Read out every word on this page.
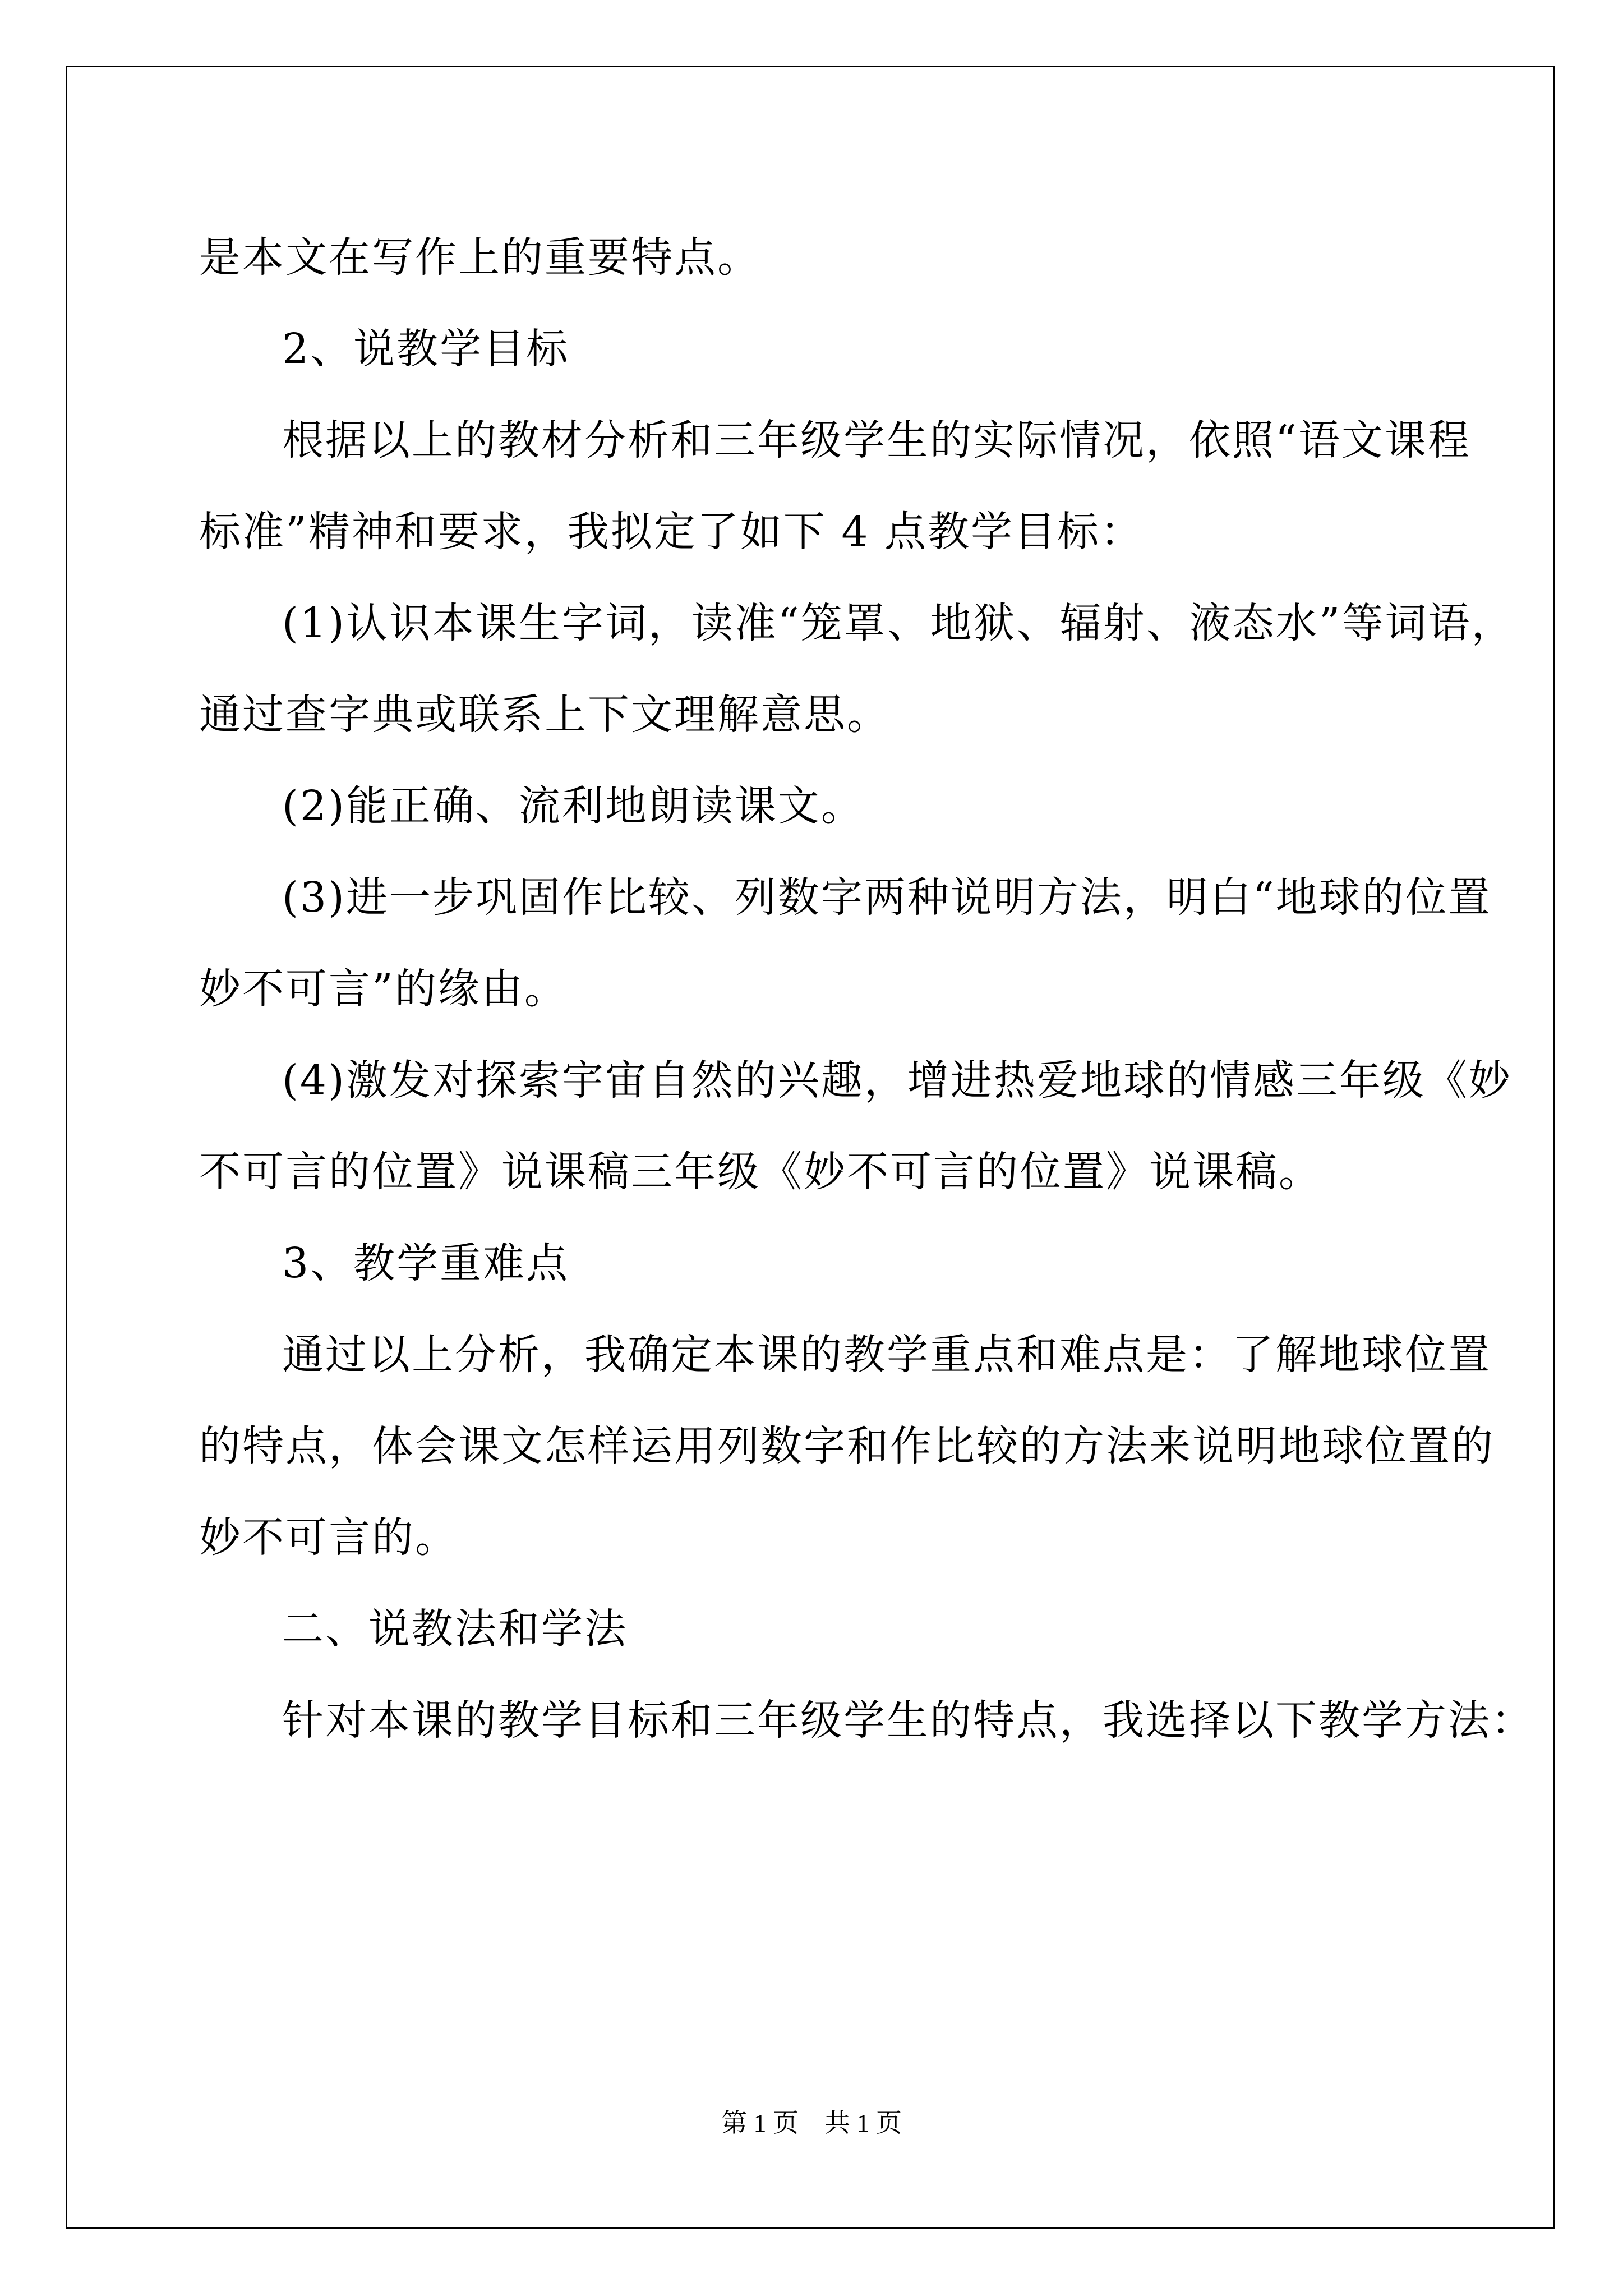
是本文在写作上的重要特点。

2、说教学目标

根据以上的教材分析和三年级学生的实际情况，依照“语文课程

标准”精神和要求，我拟定了如下 4 点教学目标：

(1)认识本课生字词，读准“笼罩、地狱、辐射、液态水”等词语，

通过查字典或联系上下文理解意思。

(2)能正确、流利地朗读课文。

(3)进一步巩固作比较、列数字两种说明方法，明白“地球的位置

妙不可言”的缘由。

(4)激发对探索宇宙自然的兴趣，增进热爱地球的情感三年级《妙

不可言的位置》说课稿三年级《妙不可言的位置》说课稿。

3、教学重难点

通过以上分析，我确定本课的教学重点和难点是：了解地球位置

的特点，体会课文怎样运用列数字和作比较的方法来说明地球位置的

妙不可言的。

二、说教法和学法

针对本课的教学目标和三年级学生的特点，我选择以下教学方法：

第 1 页　共 1 页
